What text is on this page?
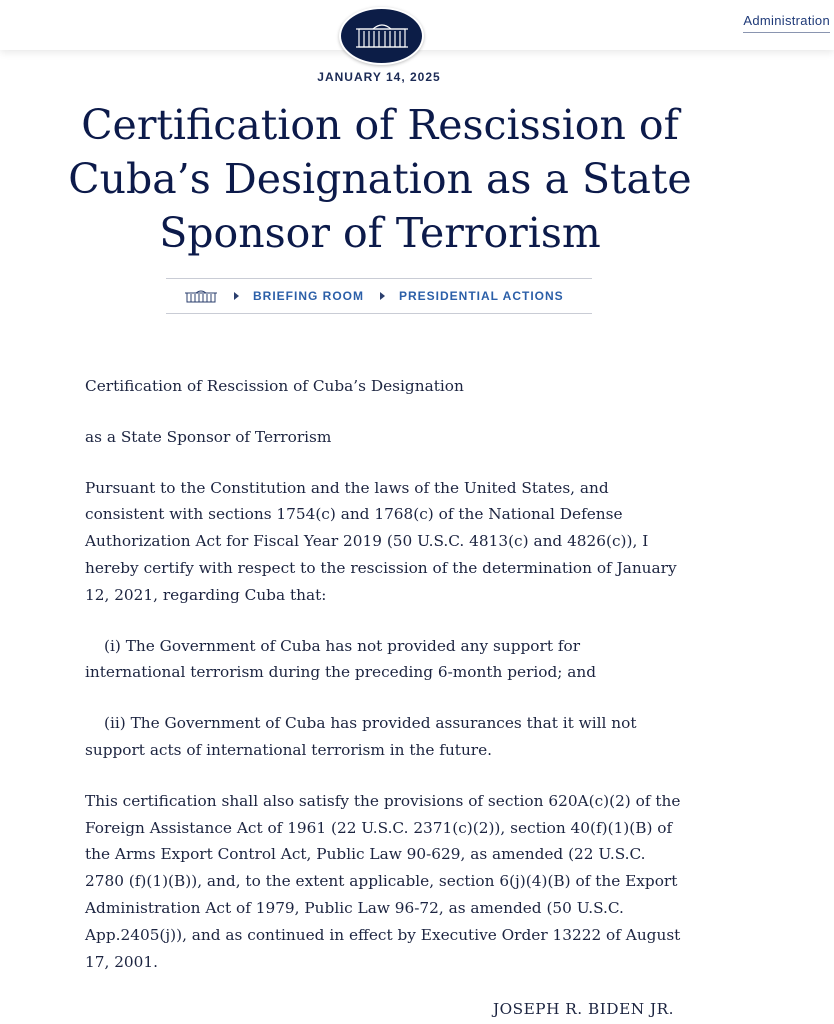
Administration
JANUARY 14, 2025
Certification of Rescission of Cuba’s Designation as a State Sponsor of Terrorism
BRIEFING ROOM	PRESIDENTIAL ACTIONS

Certification of Rescission of Cuba’s Designation

as a State Sponsor of Terrorism

Pursuant to the Constitution and the laws of the United States, and consistent with sections 1754(c) and 1768(c) of the National Defense Authorization Act for Fiscal Year 2019 (50 U.S.C. 4813(c) and 4826(c)), I hereby certify with respect to the rescission of the determination of January 12, 2021, regarding Cuba that:

(i) The Government of Cuba has not provided any support for international terrorism during the preceding 6-month period; and

(ii) The Government of Cuba has provided assurances that it will not support acts of international terrorism in the future.

This certification shall also satisfy the provisions of section 620A(c)(2) of the Foreign Assistance Act of 1961 (22 U.S.C. 2371(c)(2)), section 40(f)(1)(B) of the Arms Export Control Act, Public Law 90-629, as amended (22 U.S.C. 2780 (f)(1)(B)), and, to the extent applicable, section 6(j)(4)(B) of the Export Administration Act of 1979, Public Law 96-72, as amended (50 U.S.C. App.2405(j)), and as continued in effect by Executive Order 13222 of August 17, 2001.

JOSEPH R. BIDEN JR.
